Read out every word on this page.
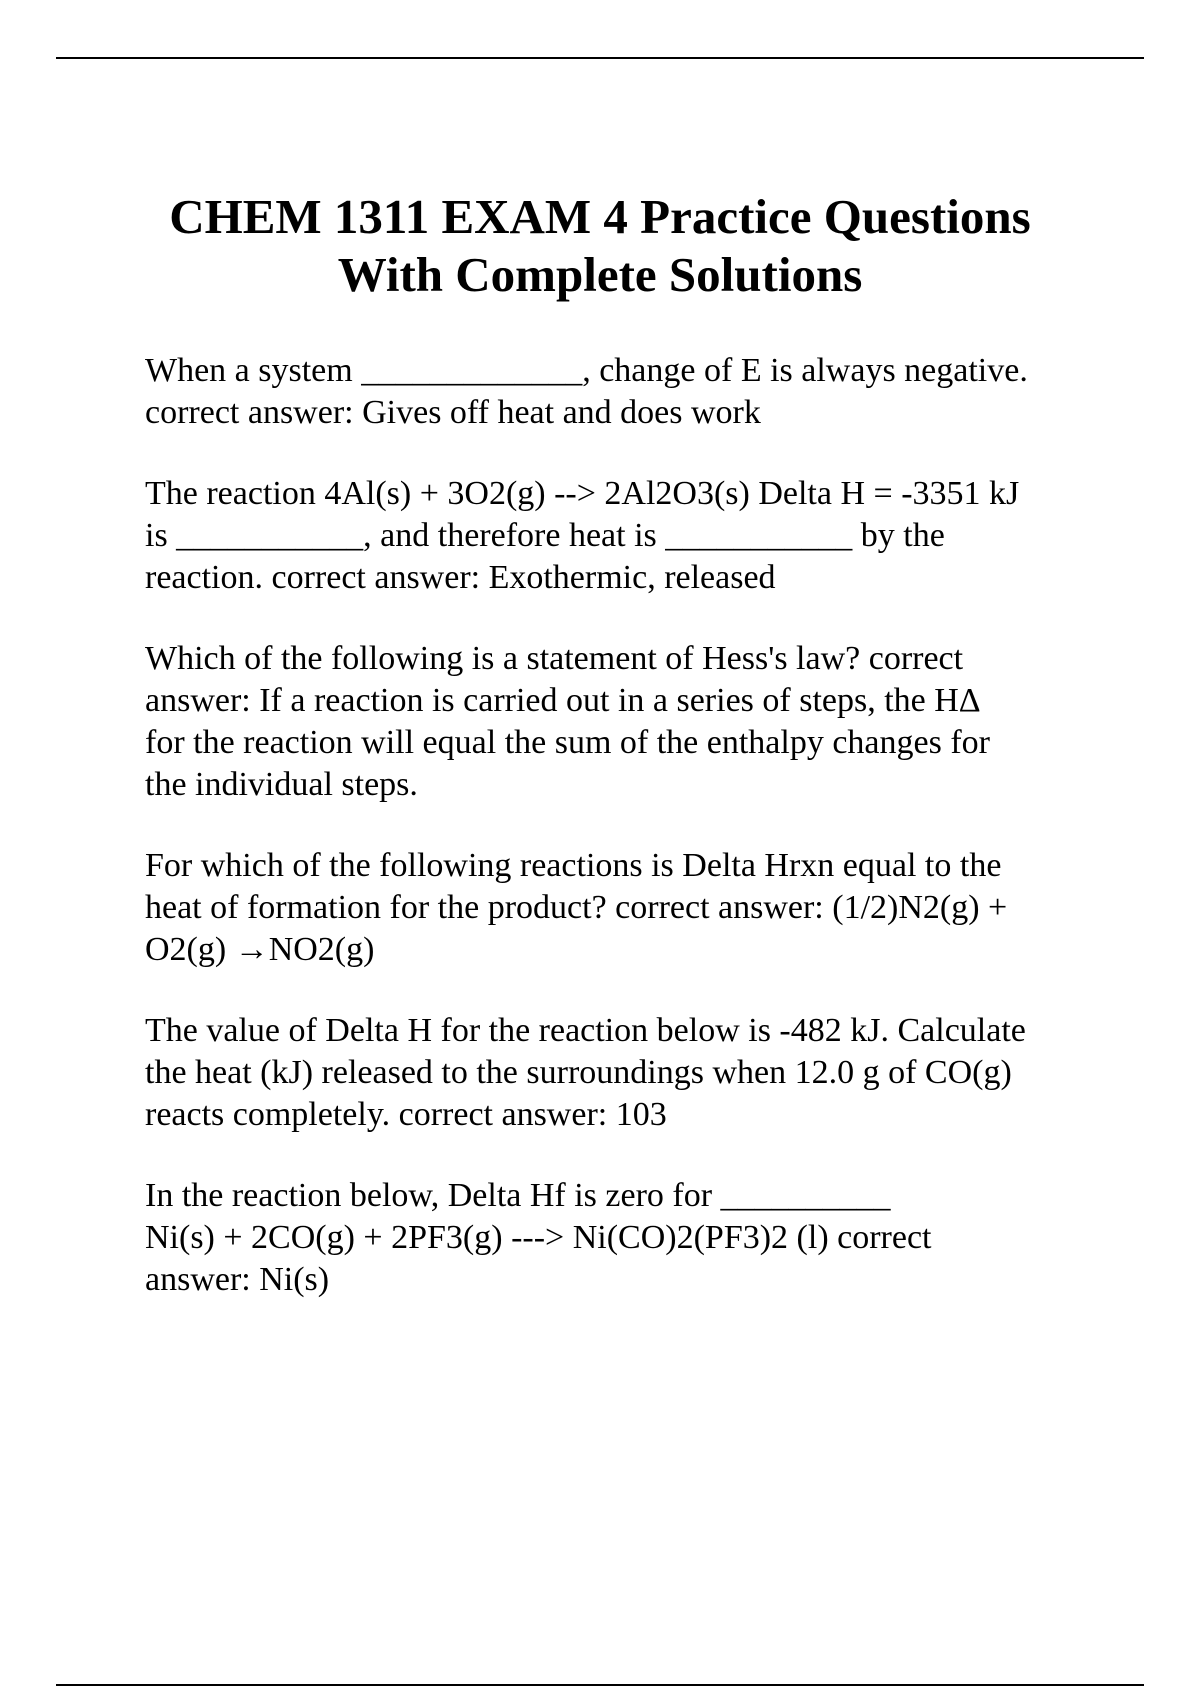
CHEM 1311 EXAM 4 Practice Questions
With Complete Solutions

When a system _____________, change of E is always negative.
correct answer: Gives off heat and does work

The reaction 4Al(s) + 3O2(g) --> 2Al2O3(s) Delta H = -3351 kJ
is ___________, and therefore heat is ___________ by the
reaction. correct answer: Exothermic, released

Which of the following is a statement of Hess's law? correct
answer: If a reaction is carried out in a series of steps, the HΔ
for the reaction will equal the sum of the enthalpy changes for
the individual steps.

For which of the following reactions is Delta Hrxn equal to the
heat of formation for the product? correct answer: (1/2)N2(g) +
O2(g) →NO2(g)

The value of Delta H for the reaction below is -482 kJ. Calculate
the heat (kJ) released to the surroundings when 12.0 g of CO(g)
reacts completely. correct answer: 103

In the reaction below, Delta Hf is zero for __________
Ni(s) + 2CO(g) + 2PF3(g) ---> Ni(CO)2(PF3)2 (l) correct
answer: Ni(s)
